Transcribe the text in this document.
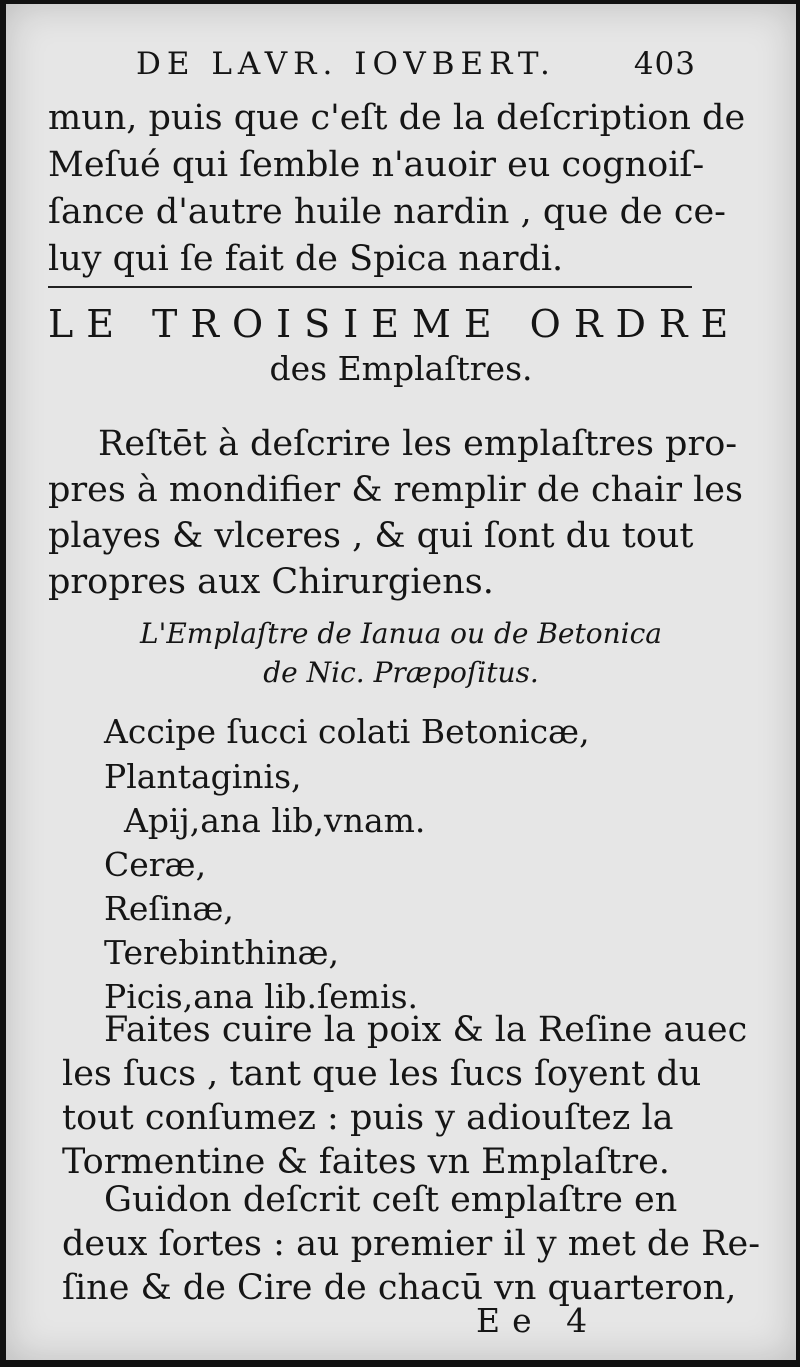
DE LAVR. IOVBERT.	403
mun, puis que c'eſt de la deſcription de
Meſué qui ſemble n'auoir eu cognoiſ-
ſance d'autre huile nardin , que de ce-
luy qui ſe fait de Spica nardi.
LE TROISIEME ORDRE
des Emplaſtres.
Reſtēt à deſcrire les emplaſtres pro-
pres à mondifier & remplir de chair les
playes & vlceres , & qui ſont du tout
propres aux Chirurgiens.
L'Emplaſtre de Ianua ou de Betonica
de Nic. Præpoſitus.
Accipe ſucci colati Betonicæ,
Plantaginis,
Apij,ana lib,vnam.
Ceræ,
Reſinæ,
Terebinthinæ,
Picis,ana lib.ſemis.
Faites cuire la poix & la Reſine auec
les ſucs , tant que les ſucs ſoyent du
tout conſumez : puis y adiouſtez la
Tormentine & faites vn Emplaſtre.
Guidon deſcrit ceſt emplaſtre en
deux ſortes : au premier il y met de Re-
ſine & de Cire de chacū vn quarteron,
Ee 4
